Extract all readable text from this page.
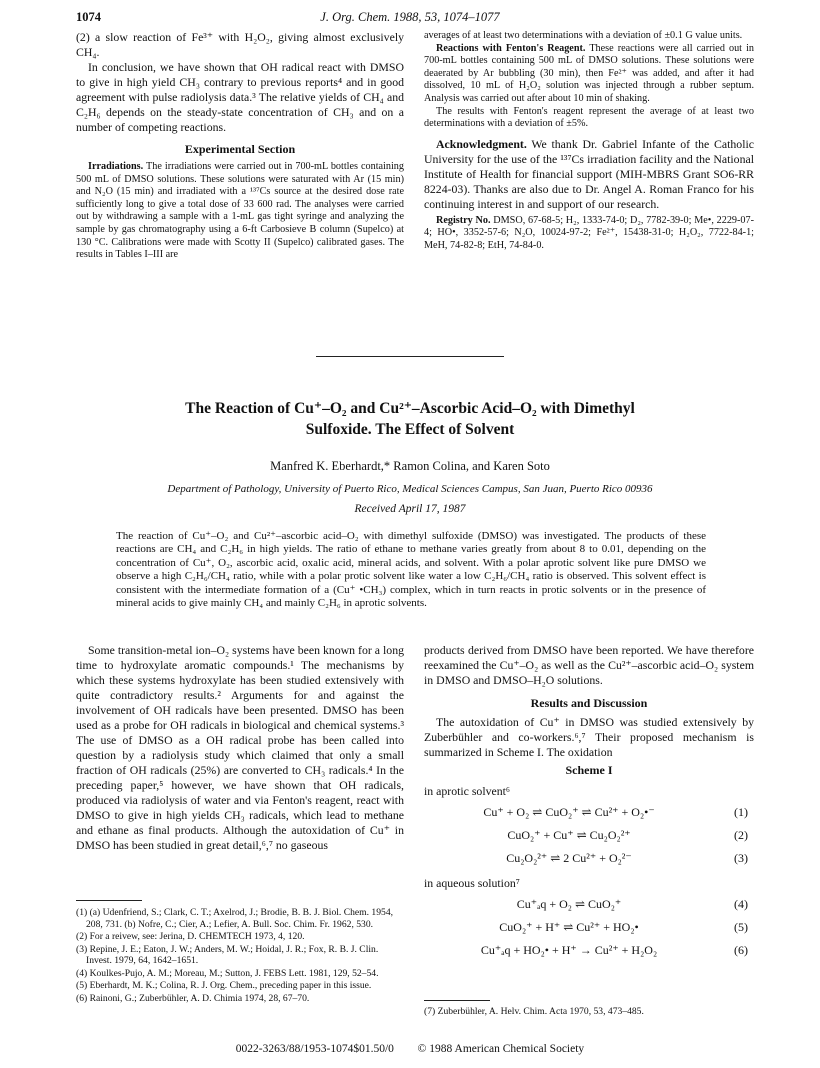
J. Org. Chem. 1988, 53, 1074–1077
1074

(2) a slow reaction of Fe³⁺ with H₂O₂, giving almost exclusively CH₄.

In conclusion, we have shown that OH radical react with DMSO to give in high yield CH₃ contrary to previous reports⁴ and in good agreement with pulse radiolysis data.³ The relative yields of CH₄ and C₂H₆ depends on the steady-state concentration of CH₃ and on a number of competing reactions.

Experimental Section

Irradiations. The irradiations were carried out in 700-mL bottles containing 500 mL of DMSO solutions. These solutions were saturated with Ar (15 min) and N₂O (15 min) and irradiated with a ¹³⁷Cs source at the desired dose rate sufficiently long to give a total dose of 33 600 rad. The analyses were carried out by withdrawing a sample with a 1-mL gas tight syringe and analyzing the sample by gas chromatography using a 6-ft Carbosieve B column (Supelco) at 130 °C. Calibrations were made with Scotty II (Supelco) calibrated gases. The results in Tables I–III are

averages of at least two determinations with a deviation of ±0.1 G value units.

Reactions with Fenton's Reagent. These reactions were all carried out in 700-mL bottles containing 500 mL of DMSO solutions. These solutions were deaerated by Ar bubbling (30 min), then Fe²⁺ was added, and after it had dissolved, 10 mL of H₂O₂ solution was injected through a rubber septum. Analysis was carried out after about 10 min of shaking.

The results with Fenton's reagent represent the average of at least two determinations with a deviation of ±5%.

Acknowledgment. We thank Dr. Gabriel Infante of the Catholic University for the use of the ¹³⁷Cs irradiation facility and the National Institute of Health for financial support (MIH-MBRS Grant SO6-RR 8224-03). Thanks are also due to Dr. Angel A. Roman Franco for his continuing interest in and support of our research.

Registry No. DMSO, 67-68-5; H₂, 1333-74-0; D₂, 7782-39-0; Me•, 2229-07-4; HO•, 3352-57-6; N₂O, 10024-97-2; Fe²⁺, 15438-31-0; H₂O₂, 7722-84-1; MeH, 74-82-8; EtH, 74-84-0.

The Reaction of Cu⁺–O₂ and Cu²⁺–Ascorbic Acid–O₂ with Dimethyl
Sulfoxide. The Effect of Solvent
Manfred K. Eberhardt,* Ramon Colina, and Karen Soto
Department of Pathology, University of Puerto Rico, Medical Sciences Campus, San Juan, Puerto Rico 00936
Received April 17, 1987
The reaction of Cu⁺–O₂ and Cu²⁺–ascorbic acid–O₂ with dimethyl sulfoxide (DMSO) was investigated. The products of these reactions are CH₄ and C₂H₆ in high yields. The ratio of ethane to methane varies greatly from about 8 to 0.01, depending on the concentration of Cu⁺, O₂, ascorbic acid, oxalic acid, mineral acids, and solvent. With a polar aprotic solvent like pure DMSO we observe a high C₂H₆/CH₄ ratio, while with a polar protic solvent like water a low C₂H₆/CH₄ ratio is observed. This solvent effect is consistent with the intermediate formation of a (Cu⁺ •CH₃) complex, which in turn reacts in protic solvents or in the presence of mineral acids to give mainly CH₄ and mainly C₂H₆ in aprotic solvents.

Some transition-metal ion–O₂ systems have been known for a long time to hydroxylate aromatic compounds.¹ The mechanisms by which these systems hydroxylate has been studied extensively with quite contradictory results.² Arguments for and against the involvement of OH radicals have been presented. DMSO has been used as a probe for OH radicals in biological and chemical systems.³ The use of DMSO as a OH radical probe has been called into question by a radiolysis study which claimed that only a small fraction of OH radicals (25%) are converted to CH₃ radicals.⁴ In the preceding paper,⁵ however, we have shown that OH radicals, produced via radiolysis of water and via Fenton's reagent, react with DMSO to give in high yields CH₃ radicals, which lead to methane and ethane as final products. Although the autoxidation of Cu⁺ in DMSO has been studied in great detail,⁶,⁷ no gaseous

(1) (a) Udenfriend, S.; Clark, C. T.; Axelrod, J.; Brodie, B. B. J. Biol. Chem. 1954, 208, 731. (b) Nofre, C.; Cier, A.; Lefier, A. Bull. Soc. Chim. Fr. 1962, 530.

(2) For a reivew, see: Jerina, D. CHEMTECH 1973, 4, 120.

(3) Repine, J. E.; Eaton, J. W.; Anders, M. W.; Hoidal, J. R.; Fox, R. B. J. Clin. Invest. 1979, 64, 1642–1651.

(4) Koulkes-Pujo, A. M.; Moreau, M.; Sutton, J. FEBS Lett. 1981, 129, 52–54.

(5) Eberhardt, M. K.; Colina, R. J. Org. Chem., preceding paper in this issue.

(6) Rainoni, G.; Zuberbühler, A. D. Chimia 1974, 28, 67–70.

products derived from DMSO have been reported. We have therefore reexamined the Cu⁺–O₂ as well as the Cu²⁺–ascorbic acid–O₂ system in DMSO and DMSO–H₂O solutions.

Results and Discussion

The autoxidation of Cu⁺ in DMSO was studied extensively by Zuberbühler and co-workers.⁶,⁷ Their proposed mechanism is summarized in Scheme I. The oxidation

Scheme I
in aprotic solvent⁶
Cu⁺ + O₂ ⇌ CuO₂⁺ ⇌ Cu²⁺ + O₂•⁻	(1)
CuO₂⁺ + Cu⁺ ⇌ Cu₂O₂²⁺	(2)
Cu₂O₂²⁺ ⇌ 2 Cu²⁺ + O₂²⁻	(3)
in aqueous solution⁷
Cu⁺ₐq + O₂ ⇌ CuO₂⁺	(4)
CuO₂⁺ + H⁺ ⇌ Cu²⁺ + HO₂•	(5)
Cu⁺ₐq + HO₂• + H⁺ → Cu²⁺ + H₂O₂	(6)

(7) Zuberbühler, A. Helv. Chim. Acta 1970, 53, 473–485.

0022-3263/88/1953-1074$01.50/0 © 1988 American Chemical Society
